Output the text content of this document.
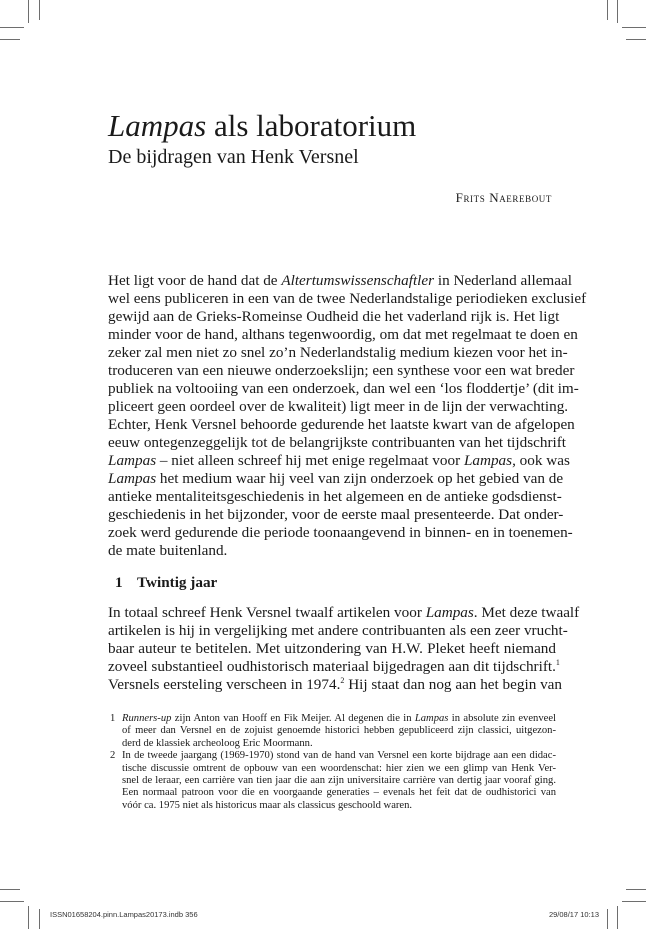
Lampas als laboratorium
De bijdragen van Henk Versnel
Frits Naerebout
Het ligt voor de hand dat de Altertumswissenschaftler in Nederland allemaal
wel eens publiceren in een van de twee Nederlandstalige periodieken exclusief
gewijd aan de Grieks-Romeinse Oudheid die het vaderland rijk is. Het ligt
minder voor de hand, althans tegenwoordig, om dat met regelmaat te doen en
zeker zal men niet zo snel zo’n Nederlandstalig medium kiezen voor het in-
troduceren van een nieuwe onderzoekslijn; een synthese voor een wat breder
publiek na voltooiing van een onderzoek, dan wel een ‘los floddertje’ (dit im-
pliceert geen oordeel over de kwaliteit) ligt meer in de lijn der verwachting.
Echter, Henk Versnel behoorde gedurende het laatste kwart van de afgelopen
eeuw ontegenzeggelijk tot de belangrijkste contribuanten van het tijdschrift
Lampas – niet alleen schreef hij met enige regelmaat voor Lampas, ook was
Lampas het medium waar hij veel van zijn onderzoek op het gebied van de
antieke mentaliteitsgeschiedenis in het algemeen en de antieke godsdienst-
geschiedenis in het bijzonder, voor de eerste maal presenteerde. Dat onder-
zoek werd gedurende die periode toonaangevend in binnen- en in toenemen-
de mate buitenland.
1 Twintig jaar
In totaal schreef Henk Versnel twaalf artikelen voor Lampas. Met deze twaalf
artikelen is hij in vergelijking met andere contribuanten als een zeer vrucht-
baar auteur te betitelen. Met uitzondering van H.W. Pleket heeft niemand
zoveel substantieel oudhistorisch materiaal bijgedragen aan dit tijdschrift.$^1$
Versnels eersteling verscheen in 1974.$^2$ Hij staat dan nog aan het begin van
1 Runners-up zijn Anton van Hooff en Fik Meijer. Al degenen die in Lampas in absolute zin evenveel
of meer dan Versnel en de zojuist genoemde historici hebben gepubliceerd zijn classici, uitgezon-
derd de klassiek archeoloog Eric Moormann.
2 In de tweede jaargang (1969-1970) stond van de hand van Versnel een korte bijdrage aan een didac-
tische discussie omtrent de opbouw van een woordenschat: hier zien we een glimp van Henk Ver-
snel de leraar, een carrière van tien jaar die aan zijn universitaire carrière van dertig jaar vooraf ging.
Een normaal patroon voor die en voorgaande generaties – evenals het feit dat de oudhistorici van
vóór ca. 1975 niet als historicus maar als classicus geschoold waren.
ISSN01658204.pinn.Lampas20173.indb 356	29/08/17 10:13
